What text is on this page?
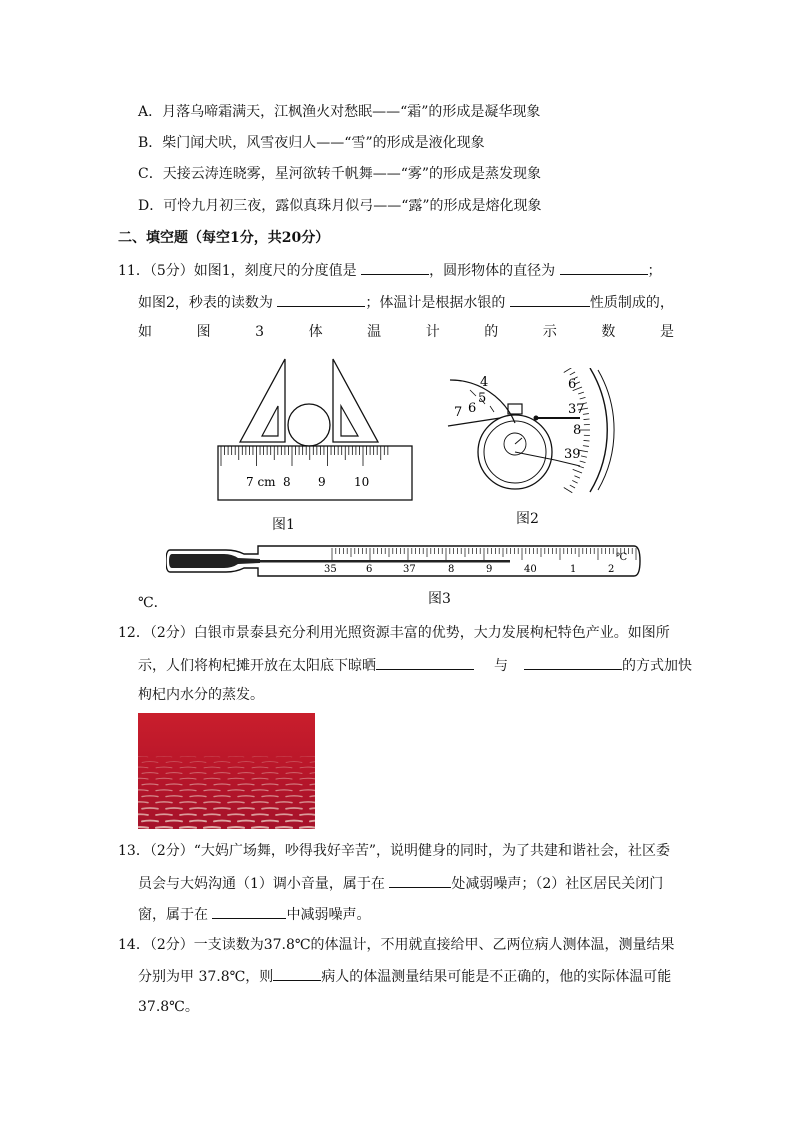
A．月落乌啼霜满天，江枫渔火对愁眠——“霜”的形成是凝华现象
B．柴门闻犬吠，风雪夜归人——“雪”的形成是液化现象
C．天接云涛连晓雾，星河欲转千帆舞——“雾”的形成是蒸发现象
D．可怜九月初三夜，露似真珠月似弓——“露”的形成是熔化现象
二、填空题（每空1分，共20分）
11．（5分）如图1，刻度尺的分度值是	，圆形物体的直径为	；
如图2，秒表的读数为	；体温计是根据水银的	性质制成的，
如	图	3	体	温	计	的	示	数	是
7 cm 8 9 10
图1
4
5
6
7
6
37
8
39
图2
35	6	37	8	9	40	1	2
℃
℃．	图3
12．（2分）白银市景泰县充分利用光照资源丰富的优势，大力发展枸杞特色产业。如图所
示，人们将枸杞摊开放在太阳底下晾晒	与	的方式加快
枸杞内水分的蒸发。
13．（2分）“大妈广场舞，吵得我好辛苦”，说明健身的同时，为了共建和谐社会，社区委
员会与大妈沟通（1）调小音量，属于在	处减弱噪声；（2）社区居民关闭门
窗，属于在	中减弱噪声。
14．（2分）一支读数为37.8℃的体温计，不用就直接给甲、乙两位病人测体温，测量结果
分别为甲 37.8℃，则	病人的体温测量结果可能是不正确的，他的实际体温可能
37.8℃。
